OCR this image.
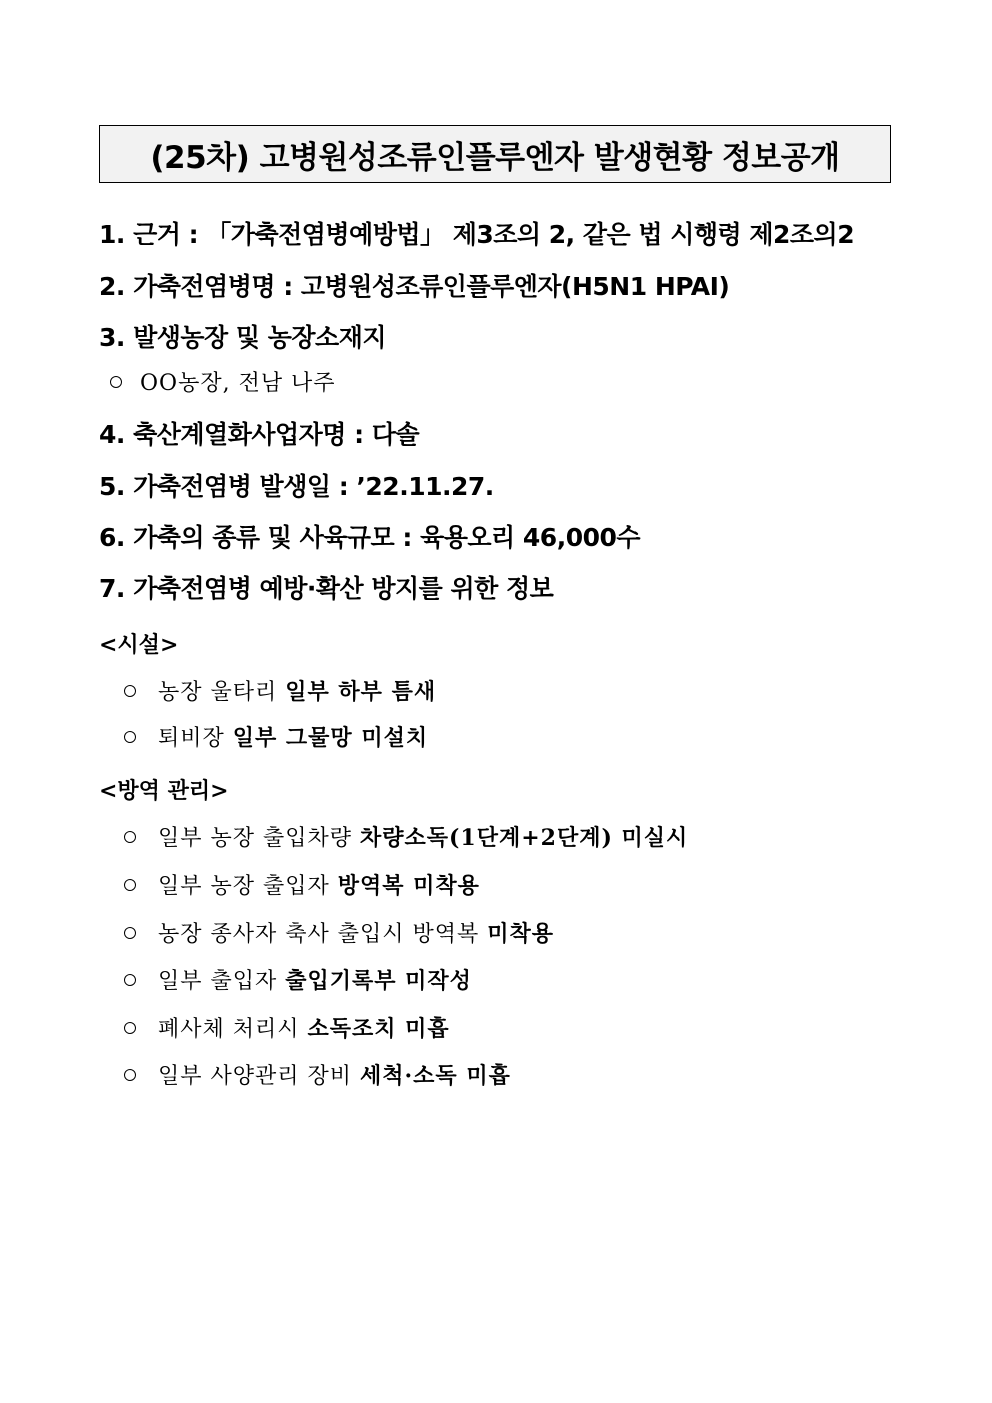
(25차) 고병원성조류인플루엔자 발생현황 정보공개
1. 근거 : 「가축전염병예방법」 제3조의 2, 같은 법 시행령 제2조의2
2. 가축전염병명 : 고병원성조류인플루엔자(H5N1 HPAI)
3. 발생농장 및 농장소재지
OO농장, 전남 나주
4. 축산계열화사업자명 : 다솔
5. 가축전염병 발생일 : ’22.11.27.
6. 가축의 종류 및 사육규모 : 육용오리 46,000수
7. 가축전염병 예방·확산 방지를 위한 정보
<시설>
농장 울타리 일부 하부 틈새
퇴비장 일부 그물망 미설치
<방역 관리>
일부 농장 출입차량 차량소독(1단계+2단계) 미실시
일부 농장 출입자 방역복 미착용
농장 종사자 축사 출입시 방역복 미착용
일부 출입자 출입기록부 미작성
폐사체 처리시 소독조치 미흡
일부 사양관리 장비 세척·소독 미흡
